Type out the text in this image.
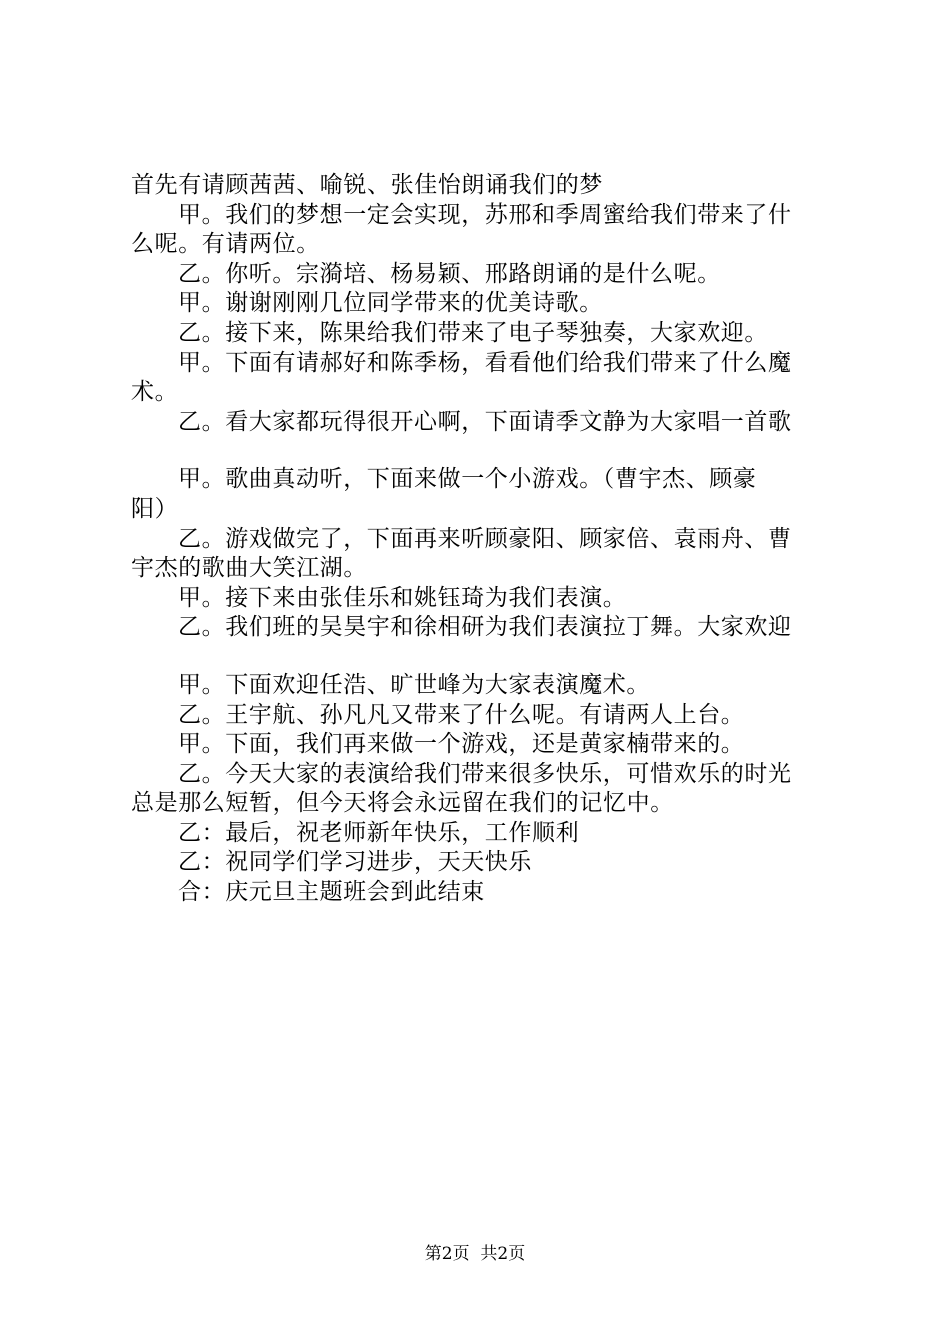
首先有请顾茜茜、喻锐、张佳怡朗诵我们的梦
甲。我们的梦想一定会实现，苏邢和季周蜜给我们带来了什
么呢。有请两位。
乙。你听。宗漪培、杨易颖、邢路朗诵的是什么呢。
甲。谢谢刚刚几位同学带来的优美诗歌。
乙。接下来，陈果给我们带来了电子琴独奏，大家欢迎。
甲。下面有请郝好和陈季杨，看看他们给我们带来了什么魔
术。
乙。看大家都玩得很开心啊，下面请季文静为大家唱一首歌
甲。歌曲真动听，下面来做一个小游戏。（曹宇杰、顾豪
阳）
乙。游戏做完了，下面再来听顾豪阳、顾家倍、袁雨舟、曹
宇杰的歌曲大笑江湖。
甲。接下来由张佳乐和姚钰琦为我们表演。
乙。我们班的吴昊宇和徐相研为我们表演拉丁舞。大家欢迎
甲。下面欢迎任浩、旷世峰为大家表演魔术。
乙。王宇航、孙凡凡又带来了什么呢。有请两人上台。
甲。下面，我们再来做一个游戏，还是黄家楠带来的。
乙。今天大家的表演给我们带来很多快乐，可惜欢乐的时光
总是那么短暂，但今天将会永远留在我们的记忆中。
乙：最后，祝老师新年快乐，工作顺利
乙：祝同学们学习进步，天天快乐
合：庆元旦主题班会到此结束
第2页  共2页
